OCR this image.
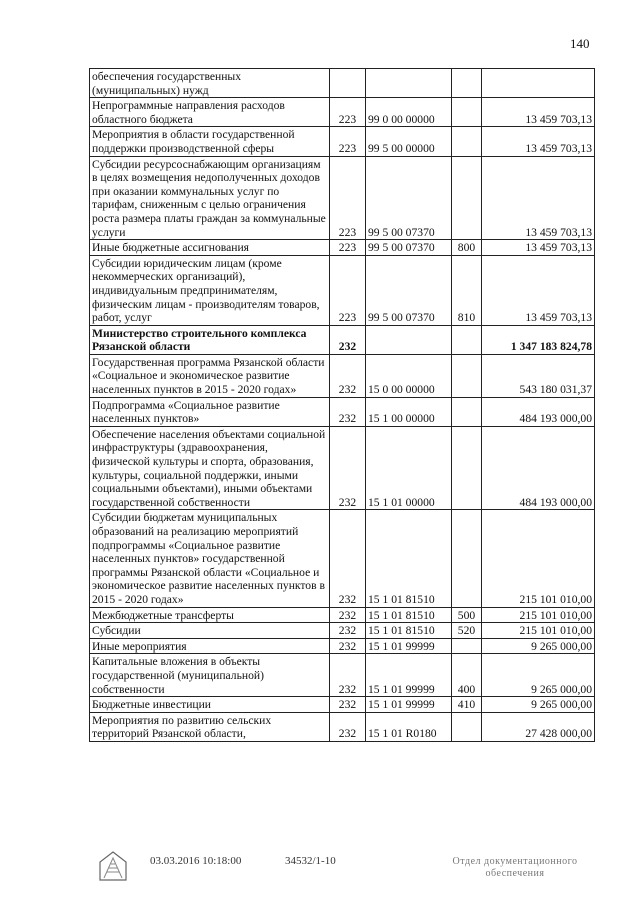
140
обеспечения государственных (муниципальных) нужд				
Непрограммные направления расходов областного бюджета	223	99 0 00 00000		13 459 703,13
Мероприятия в области государственной поддержки производственной сферы	223	99 5 00 00000		13 459 703,13
Субсидии ресурсоснабжающим организациям в целях возмещения недополученных доходов при оказании коммунальных услуг по тарифам, сниженным с целью ограничения роста размера платы граждан за коммунальные услуги	223	99 5 00 07370		13 459 703,13
Иные бюджетные ассигнования	223	99 5 00 07370	800	13 459 703,13
Субсидии юридическим лицам (кроме некоммерческих организаций), индивидуальным предпринимателям, физическим лицам - производителям товаров, работ, услуг	223	99 5 00 07370	810	13 459 703,13
Министерство строительного комплекса Рязанской области	232			1 347 183 824,78
Государственная программа Рязанской области «Социальное и экономическое развитие населенных пунктов в 2015 - 2020 годах»	232	15 0 00 00000		543 180 031,37
Подпрограмма «Социальное развитие населенных пунктов»	232	15 1 00 00000		484 193 000,00
Обеспечение населения объектами социальной инфраструктуры (здравоохранения, физической культуры и спорта, образования, культуры, социальной поддержки, иными социальными объектами), иными объектами государственной собственности	232	15 1 01 00000		484 193 000,00
Субсидии бюджетам муниципальных образований на реализацию мероприятий подпрограммы «Социальное развитие населенных пунктов» государственной программы Рязанской области «Социальное и экономическое развитие населенных пунктов в 2015 - 2020 годах»	232	15 1 01 81510		215 101 010,00
Межбюджетные трансферты	232	15 1 01 81510	500	215 101 010,00
Субсидии	232	15 1 01 81510	520	215 101 010,00
Иные мероприятия	232	15 1 01 99999		9 265 000,00
Капитальные вложения в объекты государственной (муниципальной) собственности	232	15 1 01 99999	400	9 265 000,00
Бюджетные инвестиции	232	15 1 01 99999	410	9 265 000,00
Мероприятия по развитию сельских территорий Рязанской области,	232	15 1 01 R0180		27 428 000,00
03.03.2016 10:18:00	34532/1-10	Отдел документационного
обеспечения
